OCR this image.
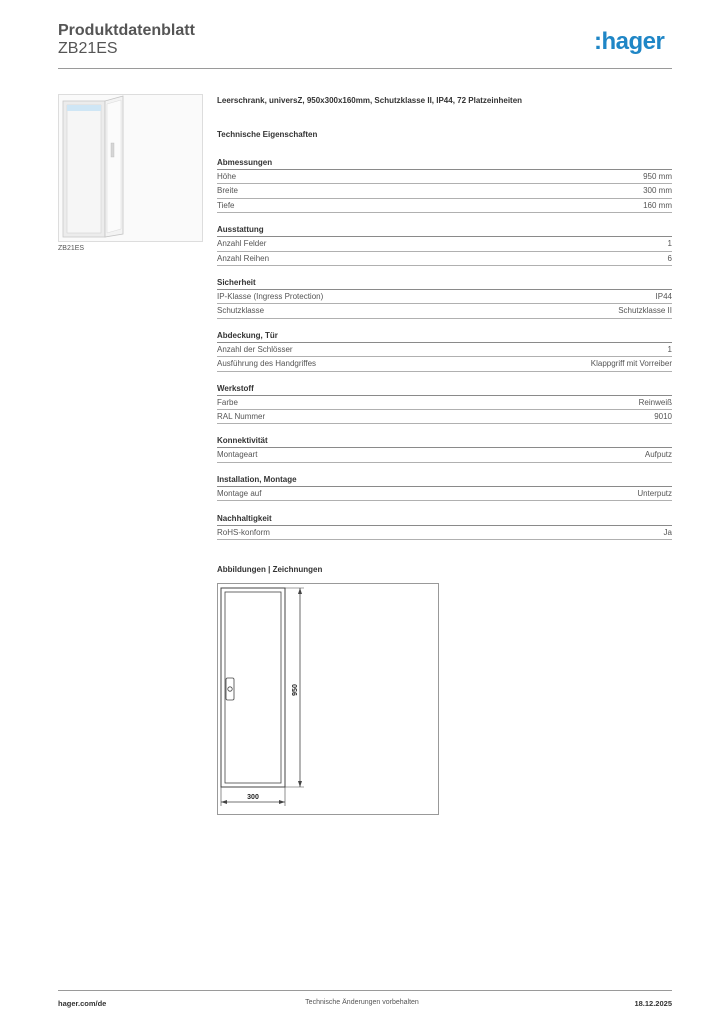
Produktdatenblatt
ZB21ES	:hager
ZB21ES
Leerschrank, universZ, 950x300x160mm, Schutzklasse II, IP44, 72 Platzeinheiten
Technische Eigenschaften
Abmessungen
Höhe	950 mm
Breite	300 mm
Tiefe	160 mm
Ausstattung
Anzahl Felder	1
Anzahl Reihen	6
Sicherheit
IP-Klasse (Ingress Protection)	IP44
Schutzklasse	Schutzklasse II
Abdeckung, Tür
Anzahl der Schlösser	1
Ausführung des Handgriffes	Klappgriff mit Vorreiber
Werkstoff
Farbe	Reinweiß
RAL Nummer	9010
Konnektivität
Montageart	Aufputz
Installation, Montage
Montage auf	Unterputz
Nachhaltigkeit
RoHS-konform	Ja
Abbildungen | Zeichnungen
950
300
hager.com/de	Technische Änderungen vorbehalten	18.12.2025
